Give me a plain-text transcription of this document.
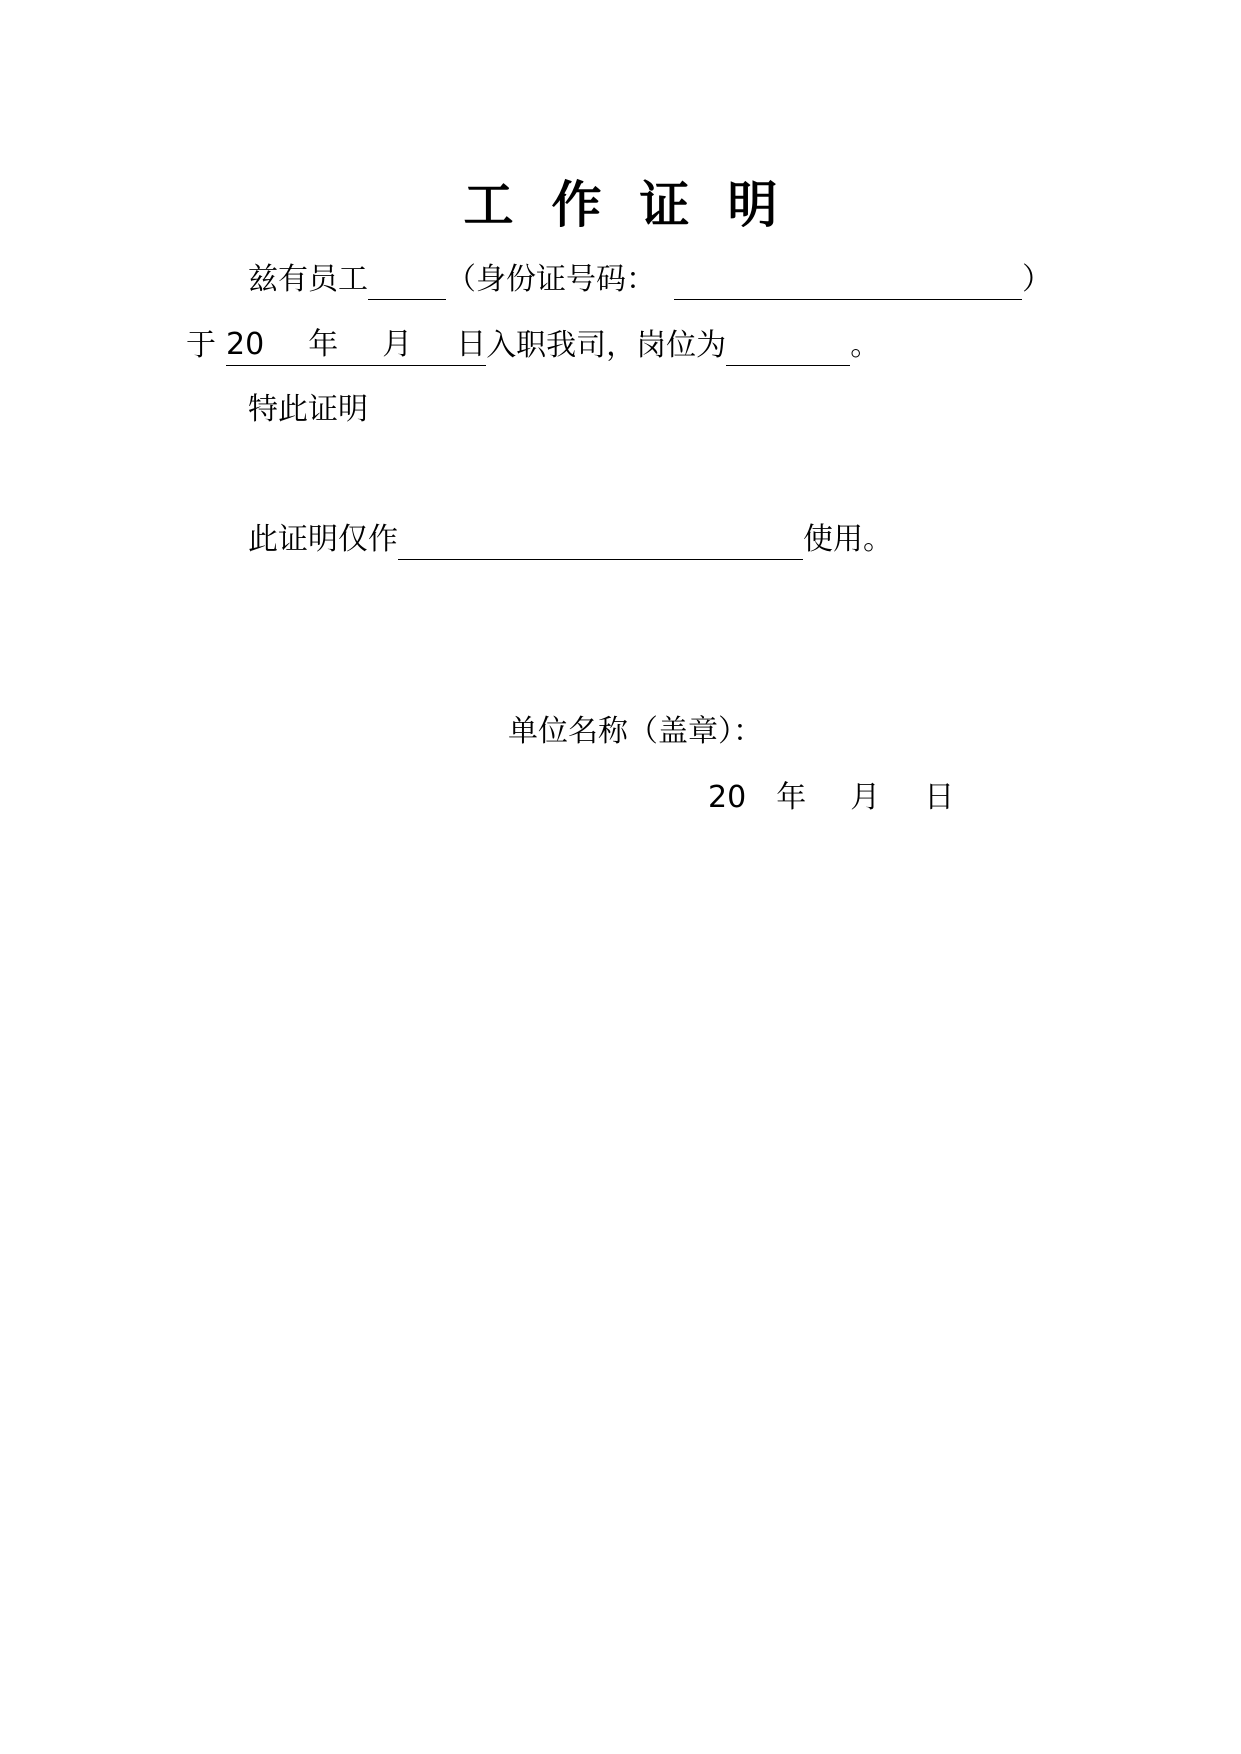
工 作 证 明
兹有员工	（身份证号码：	）
于 20 年 月 日入职我司，岗位为	。
特此证明
此证明仅作	使用。
单位名称（盖章）：
20 年 月 日
